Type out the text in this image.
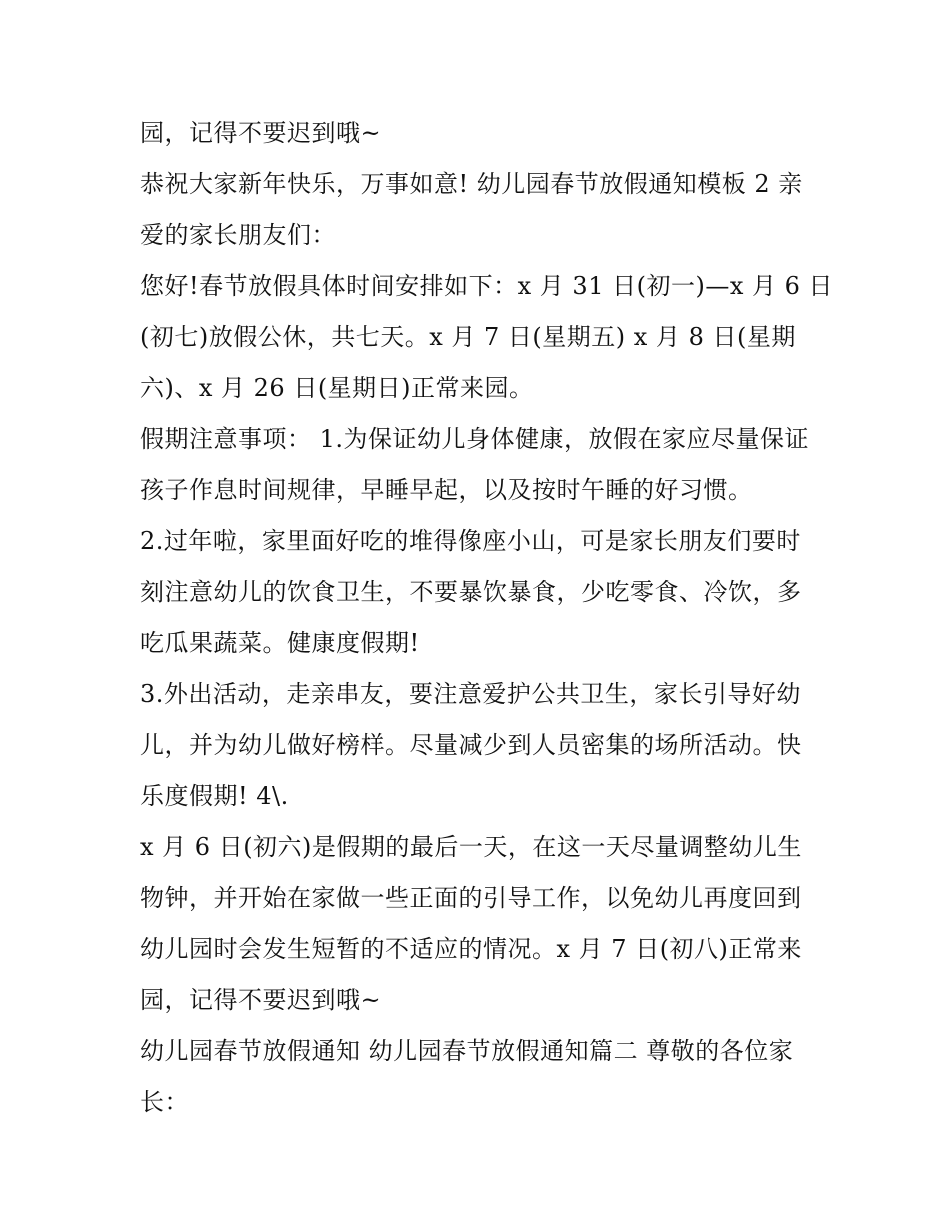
园，记得不要迟到哦~
恭祝大家新年快乐，万事如意! 幼儿园春节放假通知模板 2 亲
爱的家长朋友们：
您好!春节放假具体时间安排如下：x 月 31 日(初一)—x 月 6 日
(初七)放假公休，共七天。x 月 7 日(星期五) x 月 8 日(星期
六)、x 月 26 日(星期日)正常来园。
假期注意事项： 1.为保证幼儿身体健康，放假在家应尽量保证
孩子作息时间规律，早睡早起，以及按时午睡的好习惯。
2.过年啦，家里面好吃的堆得像座小山，可是家长朋友们要时
刻注意幼儿的饮食卫生，不要暴饮暴食，少吃零食、冷饮，多
吃瓜果蔬菜。健康度假期!
3.外出活动，走亲串友，要注意爱护公共卫生，家长引导好幼
儿，并为幼儿做好榜样。尽量减少到人员密集的场所活动。快
乐度假期! 4\.
x 月 6 日(初六)是假期的最后一天，在这一天尽量调整幼儿生
物钟，并开始在家做一些正面的引导工作，以免幼儿再度回到
幼儿园时会发生短暂的不适应的情况。x 月 7 日(初八)正常来
园，记得不要迟到哦~
幼儿园春节放假通知 幼儿园春节放假通知篇二 尊敬的各位家
长：
